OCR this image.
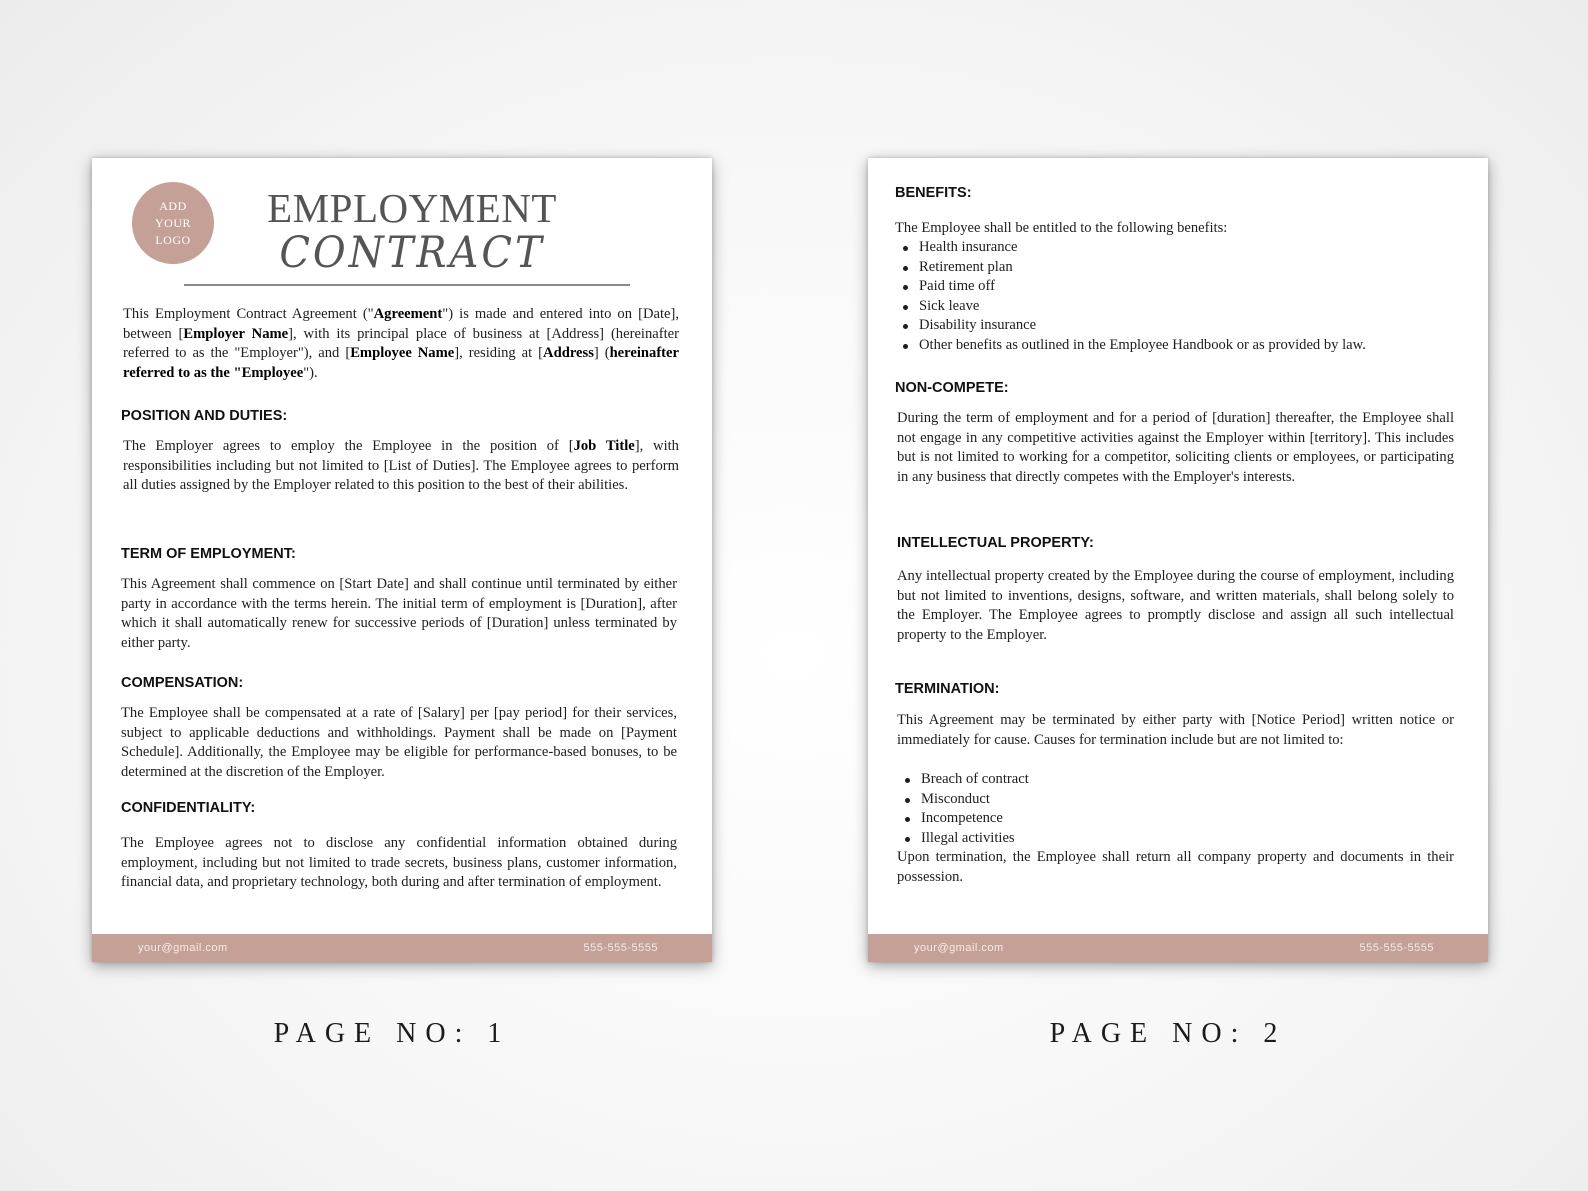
ADD
YOUR
LOGO
EMPLOYMENT
CONTRACT

This Employment Contract Agreement ("Agreement") is made and entered into on [Date], between [Employer Name], with its principal place of business at [Address] (hereinafter referred to as the "Employer"), and [Employee Name], residing at [Address] (hereinafter referred to as the "Employee").

POSITION AND DUTIES:

The Employer agrees to employ the Employee in the position of [Job Title], with responsibilities including but not limited to [List of Duties]. The Employee agrees to perform all duties assigned by the Employer related to this position to the best of their abilities.

TERM OF EMPLOYMENT:

This Agreement shall commence on [Start Date] and shall continue until terminated by either party in accordance with the terms herein. The initial term of employment is [Duration], after which it shall automatically renew for successive periods of [Duration] unless terminated by either party.

COMPENSATION:

The Employee shall be compensated at a rate of [Salary] per [pay period] for their services, subject to applicable deductions and withholdings. Payment shall be made on [Payment Schedule]. Additionally, the Employee may be eligible for performance-based bonuses, to be determined at the discretion of the Employer.

CONFIDENTIALITY:

The Employee agrees not to disclose any confidential information obtained during employment, including but not limited to trade secrets, business plans, customer information, financial data, and proprietary technology, both during and after termination of employment.

your@gmail.com	555-555-5555
BENEFITS:
The Employee shall be entitled to the following benefits:
Health insurance
Retirement plan
Paid time off
Sick leave
Disability insurance
Other benefits as outlined in the Employee Handbook or as provided by law.
NON-COMPETE:

During the term of employment and for a period of [duration] thereafter, the Employee shall not engage in any competitive activities against the Employer within [territory]. This includes but is not limited to working for a competitor, soliciting clients or employees, or participating in any business that directly competes with the Employer's interests.

INTELLECTUAL PROPERTY:

Any intellectual property created by the Employee during the course of employment, including but not limited to inventions, designs, software, and written materials, shall belong solely to the Employer. The Employee agrees to promptly disclose and assign all such intellectual property to the Employer.

TERMINATION:

This Agreement may be terminated by either party with [Notice Period] written notice or immediately for cause. Causes for termination include but are not limited to:

Breach of contract
Misconduct
Incompetence
Illegal activities

Upon termination, the Employee shall return all company property and documents in their possession.

your@gmail.com	555-555-5555
PAGE NO: 1	PAGE NO: 2
